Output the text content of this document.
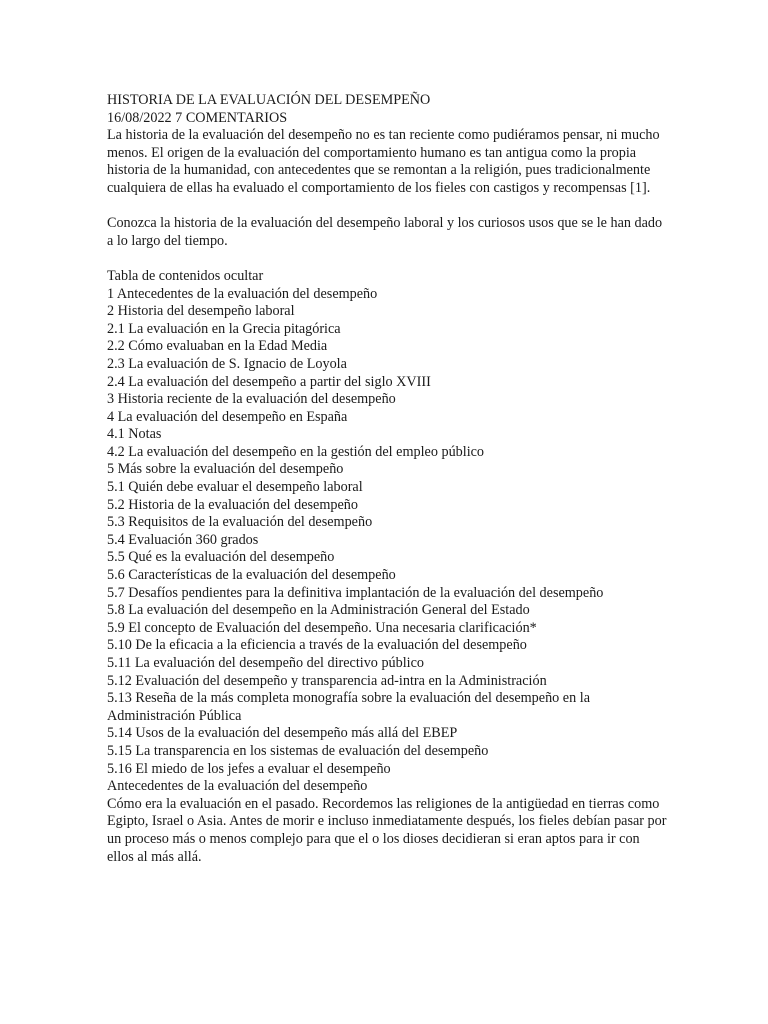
HISTORIA DE LA EVALUACIÓN DEL DESEMPEÑO
16/08/2022 7 COMENTARIOS
La historia de la evaluación del desempeño no es tan reciente como pudiéramos pensar, ni mucho menos. El origen de la evaluación del comportamiento humano es tan antigua como la propia historia de la humanidad, con antecedentes que se remontan a la religión, pues tradicionalmente cualquiera de ellas ha evaluado el comportamiento de los fieles con castigos y recompensas [1].
Conozca la historia de la evaluación del desempeño laboral y los curiosos usos que se le han dado a lo largo del tiempo.
Tabla de contenidos ocultar
1 Antecedentes de la evaluación del desempeño
2 Historia del desempeño laboral
2.1 La evaluación en la Grecia pitagórica
2.2 Cómo evaluaban en la Edad Media
2.3 La evaluación de S. Ignacio de Loyola
2.4 La evaluación del desempeño a partir del siglo XVIII
3 Historia reciente de la evaluación del desempeño
4 La evaluación del desempeño en España
4.1 Notas
4.2 La evaluación del desempeño en la gestión del empleo público
5 Más sobre la evaluación del desempeño
5.1 Quién debe evaluar el desempeño laboral
5.2 Historia de la evaluación del desempeño
5.3 Requisitos de la evaluación del desempeño
5.4 Evaluación 360 grados
5.5 Qué es la evaluación del desempeño
5.6 Características de la evaluación del desempeño
5.7 Desafíos pendientes para la definitiva implantación de la evaluación del desempeño
5.8 La evaluación del desempeño en la Administración General del Estado
5.9 El concepto de Evaluación del desempeño. Una necesaria clarificación*
5.10 De la eficacia a la eficiencia a través de la evaluación del desempeño
5.11 La evaluación del desempeño del directivo público
5.12 Evaluación del desempeño y transparencia ad-intra en la Administración
5.13 Reseña de la más completa monografía sobre la evaluación del desempeño en la Administración Pública
5.14 Usos de la evaluación del desempeño más allá del EBEP
5.15 La transparencia en los sistemas de evaluación del desempeño
5.16 El miedo de los jefes a evaluar el desempeño
Antecedentes de la evaluación del desempeño
Cómo era la evaluación en el pasado. Recordemos las religiones de la antigüedad en tierras como Egipto, Israel o Asia. Antes de morir e incluso inmediatamente después, los fieles debían pasar por un proceso más o menos complejo para que el o los dioses decidieran si eran aptos para ir con ellos al más allá.
